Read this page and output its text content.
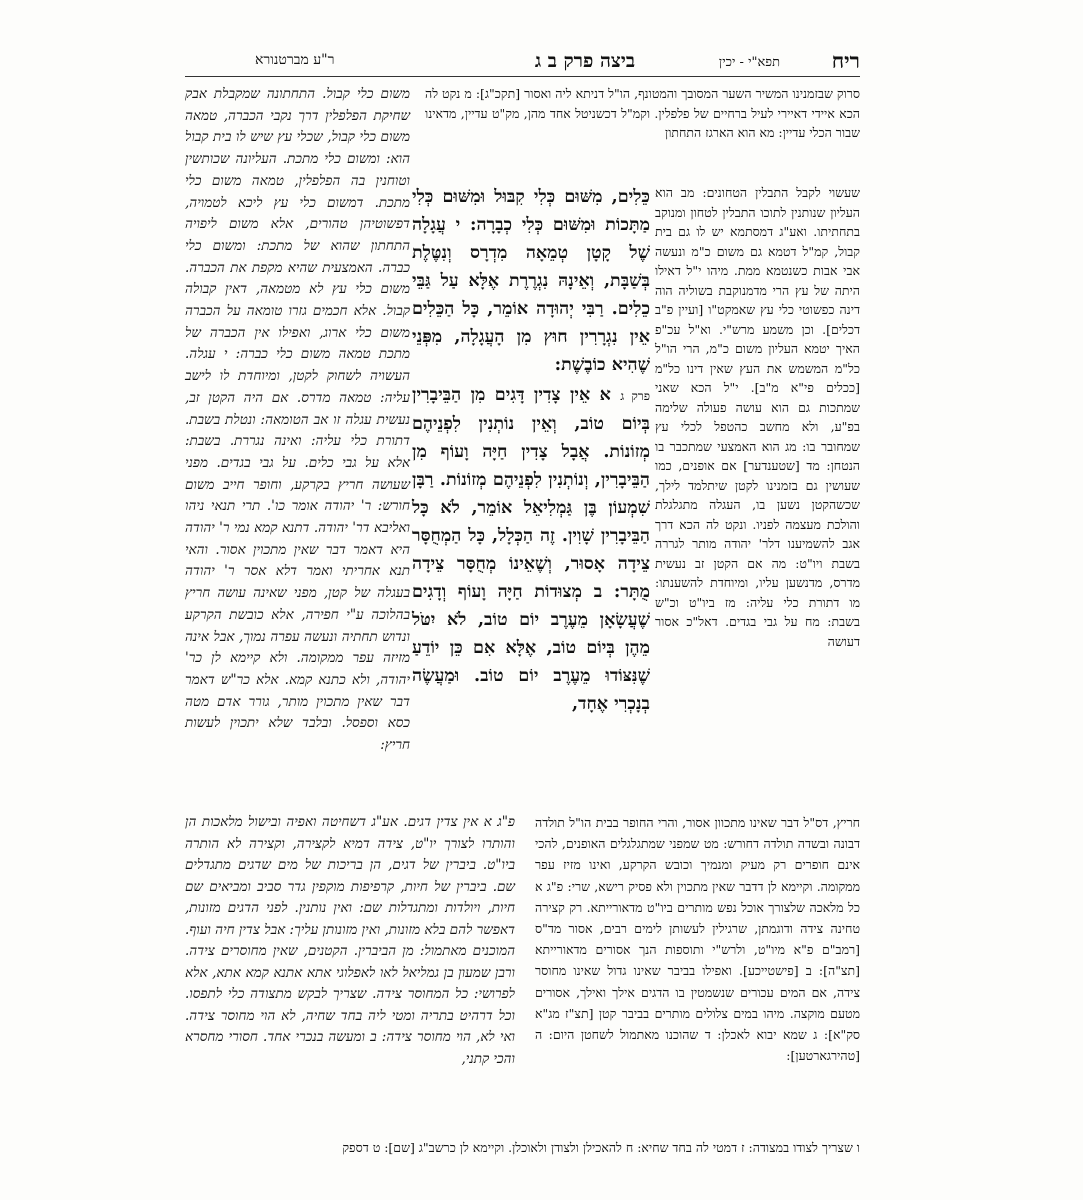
ריח
תפא"י - יכין
ביצה פרק ב ג
ר"ע מברטנורא

סרוק שבזמנינו המשיר השער המסובך והמטונף, הו"ל דניתא ליה ואסור [תקכ"ג]: מ נקט לה הכא איידי דאיירי לעיל ברחיים של פלפלין. וקמ"ל דכשניטל אחד מהן, מק"ט עדיין, מדאינו שבור הכלי עדיין: מא הוא הארגז התחתון

שעשוי לקבל התבלין הטחונים: מב הוא העליון שנותנין לתוכו התבלין לטחון ומנוקב בתחתיתו. ואע"ג דמסתמא יש לו גם בית קבול, קמ"ל דטמא גם משום כ"מ ונעשה אבי אבות כשנטמא ממת. מיהו י"ל דאילו היתה של עץ הרי מדמנוקבת בשוליה הוה דינה כפשוטי כלי עץ שאמקט"ו [ועיין פ"ב דכלים]. וכן משמע מרש"י. וא"ל עכ"פ האיך יטמא העליון משום כ"מ, הרי הו"ל כל"מ המשמש את העץ שאין דינו כל"מ [ככלים פי"א מ"ב]. י"ל הכא שאני שמתכות גם הוא עושה פעולה שלימה בפ"ע, ולא מחשב כהטפל לכלי עץ שמחובר בו: מג הוא האמצעי שמתכבר בו הנטחן: מד [שטענדער] אם אופנים, כמו שעושין גם בזמנינו לקטן שיתלמד לילך, שכשהקטן נשען בו, העגלה מתגלגלת והולכת מעצמה לפניו. ונקט לה הכא דרך אגב להשמיענו דלר' יהודה מותר לגררה בשבת ויו"ט: מה אם הקטן זב נעשית מדרס, מדנשען עליו, ומיוחדת להשענתו: מו דתורת כלי עליה: מז ביו"ט וכ"ש בשבת: מח על גבי בגדים. דאל"כ אסור דעושה

משום כלי קבול. התחתונה שמקבלת אבק שחיקת הפלפלין דרך נקבי הכברה, טמאה משום כלי קבול, שכלי עץ שיש לו בית קבול הוא: ומשום כלי מתכת. העליונה שכותשין וטוחנין בה הפלפלין, טמאה משום כלי מתכת. דמשום כלי עץ ליכא לטמויה, דפשוטיהן טהורים, אלא משום ליפויה התחתון שהוא של מתכת: ומשום כלי כברה. האמצעית שהיא מקפת את הכברה. משום כלי עץ לא מטמאה, דאין קבולה קבול. אלא חכמים גזרו טומאה על הכברה משום כלי ארוג, ואפילו אין הכברה של מתכת טמאה משום כלי כברה: י עגלה. העשויה לשחוק לקטן, ומיוחדת לו לישב עליה: טמאה מדרס. אם היה הקטן זב, נעשית עגלה זו אב הטומאה: ונטלת בשבת. דתורת כלי עליה: ואינה נגררת. בשבת: אלא על גבי כלים. על גבי בגדים. מפני שעושה חריץ בקרקע, וחופר חייב משום חורש: ר' יהודה אומר כו'. תרי תנאי ניהו ואליבא דר' יהודה. דתנא קמא נמי ר' יהודה היא דאמר דבר שאין מתכוין אסור. והאי תנא אחריתי ואמר דלא אסר ר' יהודה בעגלה של קטן, מפני שאינה עושה חריץ בהלוכה ע"י חפירה, אלא כובשת הקרקע ונדוש תחתיה ונעשה עפרה נמוך, אבל אינה מזיזה עפר ממקומה. ולא קיימא לן כר' יהודה, ולא כתנא קמא. אלא כר"ש דאמר דבר שאין מתכוין מותר, גורר אדם מטה כסא וספסל. ובלבד שלא יתכוין לעשות חריץ:

כֵּלִים, מִשּׁוּם כְּלִי קִבּוּל וּמִשּׁוּם כְּלִי מַתָּכוֹת וּמִשּׁוּם כְּלִי כְבָרָה: י עֲגָלָה שֶׁל קָטָן טְמֵאָה מִדְרָס וְנִטֶּלֶת בְּשַׁבָּת, וְאֵינָהּ נִגְרֶרֶת אֶלָּא עַל גַּבֵּי כֵלִים. רַבִּי יְהוּדָה אוֹמֵר, כָּל הַכֵּלִים אֵין נִגְרָרִין חוּץ מִן הָעֲגָלָה, מִפְּנֵי שֶׁהִיא כוֹבֶשֶׁת:

פרק ג א אֵין צָדִין דָּגִים מִן הַבֵּיבָרִין בְּיוֹם טוֹב, וְאֵין נוֹתְנִין לִפְנֵיהֶם מְזוֹנוֹת. אֲבָל צָדִין חַיָּה וָעוֹף מִן הַבֵּיבָרִין, וְנוֹתְנִין לִפְנֵיהֶם מְזוֹנוֹת. רַבָּן שִׁמְעוֹן בֶּן גַּמְלִיאֵל אוֹמֵר, לֹא כָּל הַבֵּיבָרִין שָׁוִין. זֶה הַכְּלָל, כָּל הַמְחֻסָּר צֵידָה אָסוּר, וְשֶׁאֵינוֹ מְחֻסָּר צֵידָה מֻתָּר: ב מְצוּדוֹת חַיָּה וָעוֹף וְדָגִים שֶׁעֲשָׂאָן מֵעֶרֶב יוֹם טוֹב, לֹא יִטֹּל מֵהֶן בְּיוֹם טוֹב, אֶלָּא אִם כֵּן יוֹדֵעַ שֶׁנִּצּוֹדוּ מֵעֶרֶב יוֹם טוֹב. וּמַעֲשֶׂה בְנָכְרִי אֶחָד,

חריץ, דס"ל דבר שאינו מתכוון אסור, והרי החופר בבית הו"ל תולדה דבונה ובשדה תולדה דחורש: מט שמפני שמתגלגלים האופנים, להכי אינם חופרים רק מעיק ומנמיך וכובש הקרקע, ואינו מזיז עפר ממקומה. וקיימא לן דדבר שאין מתכוין ולא פסיק רישא, שרי: פ"ג א כל מלאכה שלצורך אוכל נפש מותרים ביו"ט מדאורייתא. רק קצירה טחינה צידה ודוגמתן, שרגילין לעשותן לימים רבים, אסור מד"ס [רמב"ם פ"א מיו"ט, ולרש"י ותוספות הנך אסורים מדאורייתא [תצ"ה]: ב [פישטייכע]. ואפילו בביבר שאינו גדול שאינו מחוסר צידה, אם המים עכורים שנשמטין בו הדגים אילך ואילך, אסורים מטעם מוקצה. מיהו במים צלולים מותרים בביבר קטן [תצ"ז מג"א סק"א]: ג שמא יבוא לאכלן: ד שהוכנו מאתמול לשחטן היום: ה [טהירגארטען]:

פ"ג א אין צדין דגים. אע"ג דשחיטה ואפיה ובישול מלאכות הן והותרו לצורך יו"ט, צידה דמיא לקצירה, וקצירה לא הותרה ביו"ט. ביברין של דגים, הן בריכות של מים שדגים מתגדלים שם. ביברין של חיות, קרפיפות מוקפין גדר סביב ומביאים שם חיות, ויולדות ומתגדלות שם: ואין נותנין. לפני הדגים מזונות, דאפשר להם בלא מזונות, ואין מזונותן עליך: אבל צדין חיה ועוף. המוכנים מאתמול: מן הביברין. הקטנים, שאין מחוסרים צידה. ורבן שמעון בן גמליאל לאו לאפלוגי אתא אתנא קמא אתא, אלא לפרושי: כל המחוסר צידה. שצריך לבקש מתצודה כלי לתפסו. וכל דרהיט בתריה ומטי ליה בחד שחיה, לא הוי מחוסר צידה. ואי לא, הוי מחוסר צידה: ב ומעשה בנכרי אחד. חסורי מחסרא והכי קתני,

ו שצריך לצודו במצודה: ז דמטי לה בחד שחיא: ח להאכילן ולצודן ולאוכלן. וקיימא לן כרשב"ג [שם]: ט דספק
